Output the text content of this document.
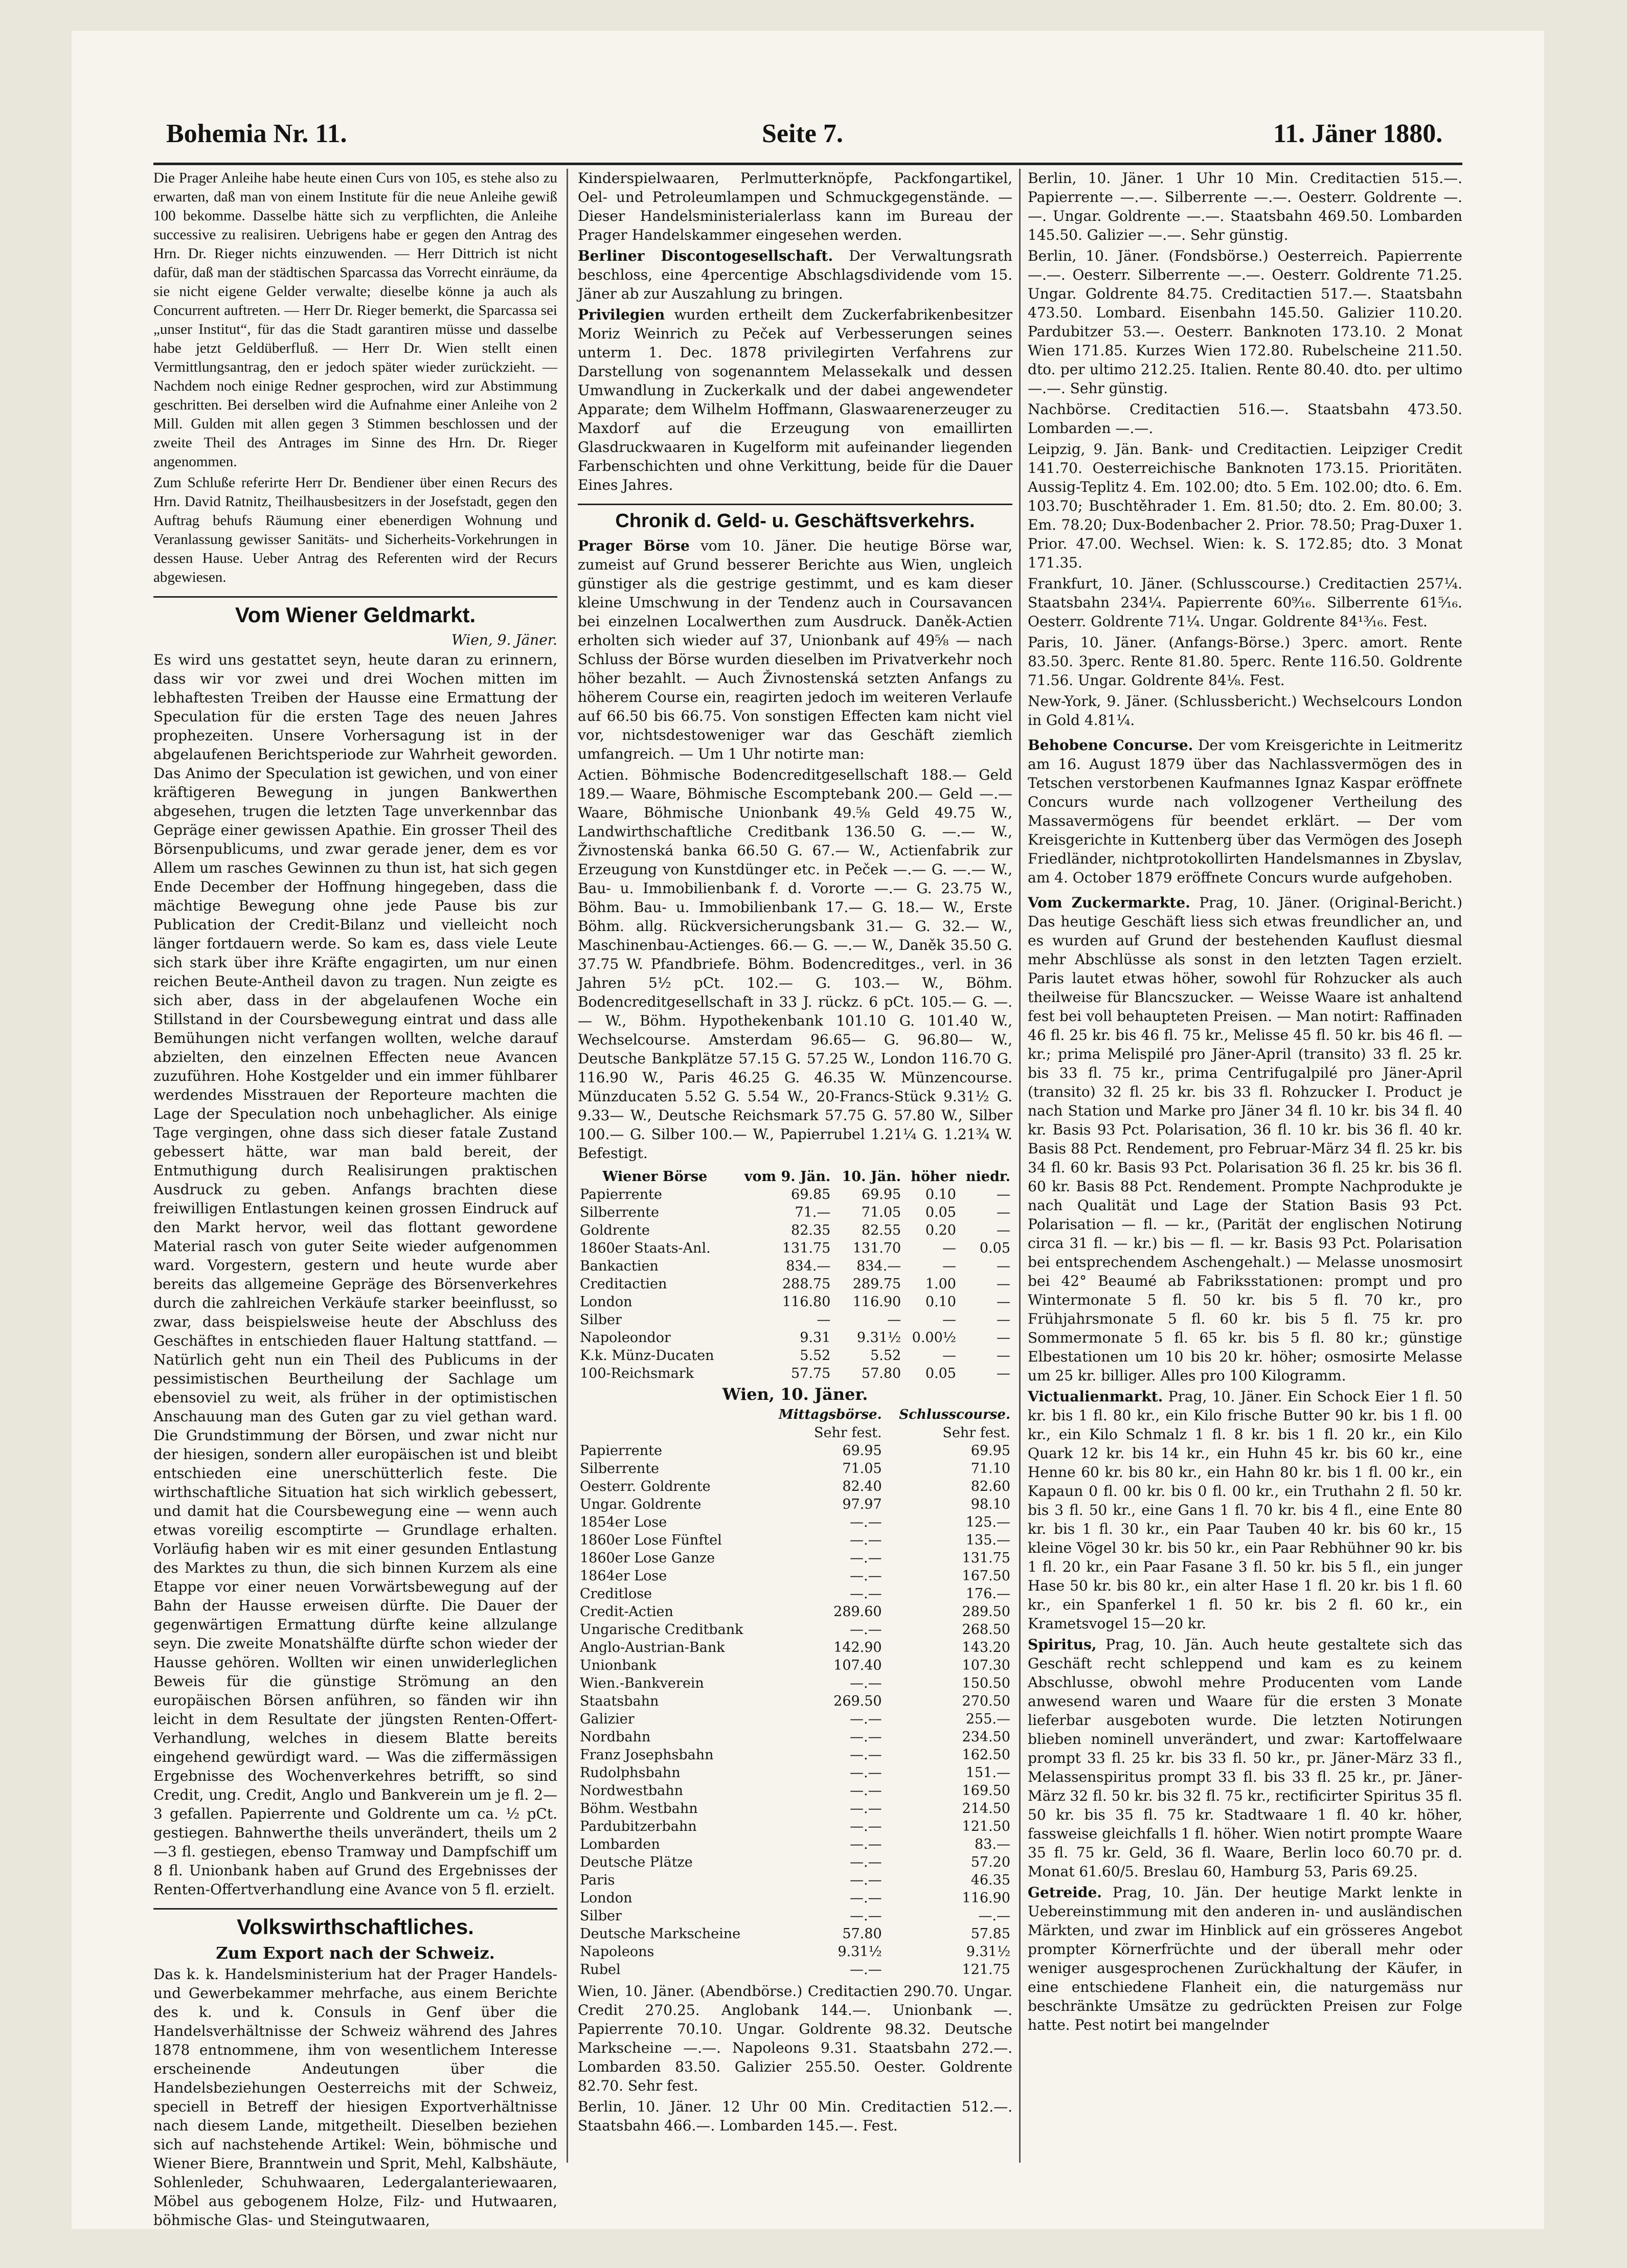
Bohemia Nr. 11.	Seite 7.	11. Jäner 1880.

Die Prager Anleihe habe heute einen Curs von 105, es stehe also zu erwarten, daß man von einem Institute für die neue Anleihe gewiß 100 bekomme. Dasselbe hätte sich zu verpflichten, die Anleihe successive zu realisiren. Uebrigens habe er gegen den Antrag des Hrn. Dr. Rieger nichts einzuwenden. — Herr Dittrich ist nicht dafür, daß man der städtischen Sparcassa das Vorrecht einräume, da sie nicht eigene Gelder verwalte; dieselbe könne ja auch als Concurrent auftreten. — Herr Dr. Rieger bemerkt, die Sparcassa sei „unser Institut“, für das die Stadt garantiren müsse und dasselbe habe jetzt Geldüberfluß. — Herr Dr. Wien stellt einen Vermittlungsantrag, den er jedoch später wieder zurückzieht. — Nachdem noch einige Redner gesprochen, wird zur Abstimmung geschritten. Bei derselben wird die Aufnahme einer Anleihe von 2 Mill. Gulden mit allen gegen 3 Stimmen beschlossen und der zweite Theil des Antrages im Sinne des Hrn. Dr. Rieger angenommen.

Zum Schluße referirte Herr Dr. Bendiener über einen Recurs des Hrn. David Ratnitz, Theilhausbesitzers in der Josefstadt, gegen den Auftrag behufs Räumung einer ebenerdigen Wohnung und Veranlassung gewisser Sanitäts- und Sicherheits-Vorkehrungen in dessen Hause. Ueber Antrag des Referenten wird der Recurs abgewiesen.

Vom Wiener Geldmarkt.
Wien, 9. Jäner.

Es wird uns gestattet seyn, heute daran zu erinnern, dass wir vor zwei und drei Wochen mitten im lebhaftesten Treiben der Hausse eine Ermattung der Speculation für die ersten Tage des neuen Jahres prophezeiten. Unsere Vorhersagung ist in der abgelaufenen Berichtsperiode zur Wahrheit geworden. Das Animo der Speculation ist gewichen, und von einer kräftigeren Bewegung in jungen Bankwerthen abgesehen, trugen die letzten Tage unverkennbar das Gepräge einer gewissen Apathie. Ein grosser Theil des Börsenpublicums, und zwar gerade jener, dem es vor Allem um rasches Gewinnen zu thun ist, hat sich gegen Ende December der Hoffnung hingegeben, dass die mächtige Bewegung ohne jede Pause bis zur Publication der Credit-Bilanz und vielleicht noch länger fortdauern werde. So kam es, dass viele Leute sich stark über ihre Kräfte engagirten, um nur einen reichen Beute-Antheil davon zu tragen. Nun zeigte es sich aber, dass in der abgelaufenen Woche ein Stillstand in der Coursbewegung eintrat und dass alle Bemühungen nicht verfangen wollten, welche darauf abzielten, den einzelnen Effecten neue Avancen zuzuführen. Hohe Kostgelder und ein immer fühlbarer werdendes Misstrauen der Reporteure machten die Lage der Speculation noch unbehaglicher. Als einige Tage vergingen, ohne dass sich dieser fatale Zustand gebessert hätte, war man bald bereit, der Entmuthigung durch Realisirungen praktischen Ausdruck zu geben. Anfangs brachten diese freiwilligen Entlastungen keinen grossen Eindruck auf den Markt hervor, weil das flottant gewordene Material rasch von guter Seite wieder aufgenommen ward. Vorgestern, gestern und heute wurde aber bereits das allgemeine Gepräge des Börsenverkehres durch die zahlreichen Verkäufe starker beeinflusst, so zwar, dass beispielsweise heute der Abschluss des Geschäftes in entschieden flauer Haltung stattfand. — Natürlich geht nun ein Theil des Publicums in der pessimistischen Beurtheilung der Sachlage um ebensoviel zu weit, als früher in der optimistischen Anschauung man des Guten gar zu viel gethan ward. Die Grundstimmung der Börsen, und zwar nicht nur der hiesigen, sondern aller europäischen ist und bleibt entschieden eine unerschütterlich feste. Die wirthschaftliche Situation hat sich wirklich gebessert, und damit hat die Coursbewegung eine — wenn auch etwas voreilig escomptirte — Grundlage erhalten. Vorläufig haben wir es mit einer gesunden Entlastung des Marktes zu thun, die sich binnen Kurzem als eine Etappe vor einer neuen Vorwärtsbewegung auf der Bahn der Hausse erweisen dürfte. Die Dauer der gegenwärtigen Ermattung dürfte keine allzulange seyn. Die zweite Monatshälfte dürfte schon wieder der Hausse gehören. Wollten wir einen unwiderleglichen Beweis für die günstige Strömung an den europäischen Börsen anführen, so fänden wir ihn leicht in dem Resultate der jüngsten Renten-Offert-Verhandlung, welches in diesem Blatte bereits eingehend gewürdigt ward. — Was die ziffermässigen Ergebnisse des Wochenverkehres betrifft, so sind Credit, ung. Credit, Anglo und Bankverein um je fl. 2—3 gefallen. Papierrente und Goldrente um ca. ½ pCt. gestiegen. Bahnwerthe theils unverändert, theils um 2—3 fl. gestiegen, ebenso Tramway und Dampfschiff um 8 fl. Unionbank haben auf Grund des Ergebnisses der Renten-Offertverhandlung eine Avance von 5 fl. erzielt.

Volkswirthschaftliches.
Zum Export nach der Schweiz.

Das k. k. Handelsministerium hat der Prager Handels- und Gewerbekammer mehrfache, aus einem Berichte des k. und k. Consuls in Genf über die Handelsverhältnisse der Schweiz während des Jahres 1878 entnommene, ihm von wesentlichem Interesse erscheinende Andeutungen über die Handelsbeziehungen Oesterreichs mit der Schweiz, speciell in Betreff der hiesigen Exportverhältnisse nach diesem Lande, mitgetheilt. Dieselben beziehen sich auf nachstehende Artikel: Wein, böhmische und Wiener Biere, Branntwein und Sprit, Mehl, Kalbshäute, Sohlenleder, Schuhwaaren, Ledergalanteriewaaren, Möbel aus gebogenem Holze, Filz- und Hutwaaren, böhmische Glas- und Steingutwaaren,

Kinderspielwaaren, Perlmutterknöpfe, Packfongartikel, Oel- und Petroleumlampen und Schmuckgegenstände. — Dieser Handelsministerialerlass kann im Bureau der Prager Handelskammer eingesehen werden.

Berliner Discontogesellschaft. Der Verwaltungsrath beschloss, eine 4percentige Abschlagsdividende vom 15. Jäner ab zur Auszahlung zu bringen.

Privilegien wurden ertheilt dem Zuckerfabrikenbesitzer Moriz Weinrich zu Peček auf Verbesserungen seines unterm 1. Dec. 1878 privilegirten Verfahrens zur Darstellung von sogenanntem Melassekalk und dessen Umwandlung in Zuckerkalk und der dabei angewendeter Apparate; dem Wilhelm Hoffmann, Glaswaarenerzeuger zu Maxdorf auf die Erzeugung von emaillirten Glasdruckwaaren in Kugelform mit aufeinander liegenden Farbenschichten und ohne Verkittung, beide für die Dauer Eines Jahres.

Chronik d. Geld- u. Geschäftsverkehrs.

Prager Börse vom 10. Jäner. Die heutige Börse war, zumeist auf Grund besserer Berichte aus Wien, ungleich günstiger als die gestrige gestimmt, und es kam dieser kleine Umschwung in der Tendenz auch in Coursavancen bei einzelnen Localwerthen zum Ausdruck. Daněk-Actien erholten sich wieder auf 37, Unionbank auf 49⅝ — nach Schluss der Börse wurden dieselben im Privatverkehr noch höher bezahlt. — Auch Živnostenská setzten Anfangs zu höherem Course ein, reagirten jedoch im weiteren Verlaufe auf 66.50 bis 66.75. Von sonstigen Effecten kam nicht viel vor, nichtsdestoweniger war das Geschäft ziemlich umfangreich. — Um 1 Uhr notirte man:

Actien. Böhmische Bodencreditgesellschaft 188.— Geld 189.— Waare, Böhmische Escomptebank 200.— Geld —.— Waare, Böhmische Unionbank 49.⅝ Geld 49.75 W., Landwirthschaftliche Creditbank 136.50 G. —.— W., Živnostenská banka 66.50 G. 67.— W., Actienfabrik zur Erzeugung von Kunstdünger etc. in Peček —.— G. —.— W., Bau- u. Immobilienbank f. d. Vororte —.— G. 23.75 W., Böhm. Bau- u. Immobilienbank 17.— G. 18.— W., Erste Böhm. allg. Rückversicherungsbank 31.— G. 32.— W., Maschinenbau-Actienges. 66.— G. —.— W., Daněk 35.50 G. 37.75 W. Pfandbriefe. Böhm. Bodencreditges., verl. in 36 Jahren 5½ pCt. 102.— G. 103.— W., Böhm. Bodencreditgesellschaft in 33 J. rückz. 6 pCt. 105.— G. —.— W., Böhm. Hypothekenbank 101.10 G. 101.40 W., Wechselcourse. Amsterdam 96.65— G. 96.80— W., Deutsche Bankplätze 57.15 G. 57.25 W., London 116.70 G. 116.90 W., Paris 46.25 G. 46.35 W. Münzencourse. Münzducaten 5.52 G. 5.54 W., 20-Francs-Stück 9.31½ G. 9.33— W., Deutsche Reichsmark 57.75 G. 57.80 W., Silber 100.— G. Silber 100.— W., Papierrubel 1.21¼ G. 1.21¾ W. Befestigt.

Wiener Börse	vom 9. Jän.	10. Jän.	höher	niedr.
Papierrente	69.85	69.95	0.10	—
Silberrente	71.—	71.05	0.05	—
Goldrente	82.35	82.55	0.20	—
1860er Staats-Anl.	131.75	131.70	—	0.05
Bankactien	834.—	834.—	—	—
Creditactien	288.75	289.75	1.00	—
London	116.80	116.90	0.10	—
Silber	—	—	—	—
Napoleondor	9.31	9.31½	0.00½	—
K.k. Münz-Ducaten	5.52	5.52	—	—
100-Reichsmark	57.75	57.80	0.05	—
Wien, 10. Jäner.
	Mittagsbörse.	Schlusscourse.
	Sehr fest.	Sehr fest.
Papierrente	69.95	69.95
Silberrente	71.05	71.10
Oesterr. Goldrente	82.40	82.60
Ungar. Goldrente	97.97	98.10
1854er Lose	—.—	125.—
1860er Lose Fünftel	—.—	135.—
1860er Lose Ganze	—.—	131.75
1864er Lose	—.—	167.50
Creditlose	—.—	176.—
Credit-Actien	289.60	289.50
Ungarische Creditbank	—.—	268.50
Anglo-Austrian-Bank	142.90	143.20
Unionbank	107.40	107.30
Wien.-Bankverein	—.—	150.50
Staatsbahn	269.50	270.50
Galizier	—.—	255.—
Nordbahn	—.—	234.50
Franz Josephsbahn	—.—	162.50
Rudolphsbahn	—.—	151.—
Nordwestbahn	—.—	169.50
Böhm. Westbahn	—.—	214.50
Pardubitzerbahn	—.—	121.50
Lombarden	—.—	83.—
Deutsche Plätze	—.—	57.20
Paris	—.—	46.35
London	—.—	116.90
Silber	—.—	—.—
Deutsche Markscheine	57.80	57.85
Napoleons	9.31½	9.31½
Rubel	—.—	121.75

Wien, 10. Jäner. (Abendbörse.) Creditactien 290.70. Ungar. Credit 270.25. Anglobank 144.—. Unionbank —. Papierrente 70.10. Ungar. Goldrente 98.32. Deutsche Markscheine —.—. Napoleons 9.31. Staatsbahn 272.—. Lombarden 83.50. Galizier 255.50. Oester. Goldrente 82.70. Sehr fest.

Berlin, 10. Jäner. 12 Uhr 00 Min. Creditactien 512.—. Staatsbahn 466.—. Lombarden 145.—. Fest.

Berlin, 10. Jäner. 1 Uhr 10 Min. Creditactien 515.—. Papierrente —.—. Silberrente —.—. Oesterr. Goldrente —.—. Ungar. Goldrente —.—. Staatsbahn 469.50. Lombarden 145.50. Galizier —.—. Sehr günstig.

Berlin, 10. Jäner. (Fondsbörse.) Oesterreich. Papierrente —.—. Oesterr. Silberrente —.—. Oesterr. Goldrente 71.25. Ungar. Goldrente 84.75. Creditactien 517.—. Staatsbahn 473.50. Lombard. Eisenbahn 145.50. Galizier 110.20. Pardubitzer 53.—. Oesterr. Banknoten 173.10. 2 Monat Wien 171.85. Kurzes Wien 172.80. Rubelscheine 211.50. dto. per ultimo 212.25. Italien. Rente 80.40. dto. per ultimo —.—. Sehr günstig.

Nachbörse. Creditactien 516.—. Staatsbahn 473.50. Lombarden —.—.

Leipzig, 9. Jän. Bank- und Creditactien. Leipziger Credit 141.70. Oesterreichische Banknoten 173.15. Prioritäten. Aussig-Teplitz 4. Em. 102.00; dto. 5 Em. 102.00; dto. 6. Em. 103.70; Buschtěhrader 1. Em. 81.50; dto. 2. Em. 80.00; 3. Em. 78.20; Dux-Bodenbacher 2. Prior. 78.50; Prag-Duxer 1. Prior. 47.00. Wechsel. Wien: k. S. 172.85; dto. 3 Monat 171.35.

Frankfurt, 10. Jäner. (Schlusscourse.) Creditactien 257¼. Staatsbahn 234¼. Papierrente 60⁹⁄₁₆. Silberrente 61⁵⁄₁₆. Oesterr. Goldrente 71¼. Ungar. Goldrente 84¹³⁄₁₆. Fest.

Paris, 10. Jäner. (Anfangs-Börse.) 3perc. amort. Rente 83.50. 3perc. Rente 81.80. 5perc. Rente 116.50. Goldrente 71.56. Ungar. Goldrente 84⅛. Fest.

New-York, 9. Jäner. (Schlussbericht.) Wechselcours London in Gold 4.81¼.

Behobene Concurse. Der vom Kreisgerichte in Leitmeritz am 16. August 1879 über das Nachlassvermögen des in Tetschen verstorbenen Kaufmannes Ignaz Kaspar eröffnete Concurs wurde nach vollzogener Vertheilung des Massavermögens für beendet erklärt. — Der vom Kreisgerichte in Kuttenberg über das Vermögen des Joseph Friedländer, nichtprotokollirten Handelsmannes in Zbyslav, am 4. October 1879 eröffnete Concurs wurde aufgehoben.

Vom Zuckermarkte. Prag, 10. Jäner. (Original-Bericht.) Das heutige Geschäft liess sich etwas freundlicher an, und es wurden auf Grund der bestehenden Kauflust diesmal mehr Abschlüsse als sonst in den letzten Tagen erzielt. Paris lautet etwas höher, sowohl für Rohzucker als auch theilweise für Blancszucker. — Weisse Waare ist anhaltend fest bei voll behaupteten Preisen. — Man notirt: Raffinaden 46 fl. 25 kr. bis 46 fl. 75 kr., Melisse 45 fl. 50 kr. bis 46 fl. — kr.; prima Melispilé pro Jäner-April (transito) 33 fl. 25 kr. bis 33 fl. 75 kr., prima Centrifugalpilé pro Jäner-April (transito) 32 fl. 25 kr. bis 33 fl. Rohzucker I. Product je nach Station und Marke pro Jäner 34 fl. 10 kr. bis 34 fl. 40 kr. Basis 93 Pct. Polarisation, 36 fl. 10 kr. bis 36 fl. 40 kr. Basis 88 Pct. Rendement, pro Februar-März 34 fl. 25 kr. bis 34 fl. 60 kr. Basis 93 Pct. Polarisation 36 fl. 25 kr. bis 36 fl. 60 kr. Basis 88 Pct. Rendement. Prompte Nachprodukte je nach Qualität und Lage der Station Basis 93 Pct. Polarisation — fl. — kr., (Parität der englischen Notirung circa 31 fl. — kr.) bis — fl. — kr. Basis 93 Pct. Polarisation bei entsprechendem Aschengehalt.) — Melasse unosmosirt bei 42° Beaumé ab Fabriksstationen: prompt und pro Wintermonate 5 fl. 50 kr. bis 5 fl. 70 kr., pro Frühjahrsmonate 5 fl. 60 kr. bis 5 fl. 75 kr. pro Sommermonate 5 fl. 65 kr. bis 5 fl. 80 kr.; günstige Elbestationen um 10 bis 20 kr. höher; osmosirte Melasse um 25 kr. billiger. Alles pro 100 Kilogramm.

Victualienmarkt. Prag, 10. Jäner. Ein Schock Eier 1 fl. 50 kr. bis 1 fl. 80 kr., ein Kilo frische Butter 90 kr. bis 1 fl. 00 kr., ein Kilo Schmalz 1 fl. 8 kr. bis 1 fl. 20 kr., ein Kilo Quark 12 kr. bis 14 kr., ein Huhn 45 kr. bis 60 kr., eine Henne 60 kr. bis 80 kr., ein Hahn 80 kr. bis 1 fl. 00 kr., ein Kapaun 0 fl. 00 kr. bis 0 fl. 00 kr., ein Truthahn 2 fl. 50 kr. bis 3 fl. 50 kr., eine Gans 1 fl. 70 kr. bis 4 fl., eine Ente 80 kr. bis 1 fl. 30 kr., ein Paar Tauben 40 kr. bis 60 kr., 15 kleine Vögel 30 kr. bis 50 kr., ein Paar Rebhühner 90 kr. bis 1 fl. 20 kr., ein Paar Fasane 3 fl. 50 kr. bis 5 fl., ein junger Hase 50 kr. bis 80 kr., ein alter Hase 1 fl. 20 kr. bis 1 fl. 60 kr., ein Spanferkel 1 fl. 50 kr. bis 2 fl. 60 kr., ein Krametsvogel 15—20 kr.

Spiritus, Prag, 10. Jän. Auch heute gestaltete sich das Geschäft recht schleppend und kam es zu keinem Abschlusse, obwohl mehre Producenten vom Lande anwesend waren und Waare für die ersten 3 Monate lieferbar ausgeboten wurde. Die letzten Notirungen blieben nominell unverändert, und zwar: Kartoffelwaare prompt 33 fl. 25 kr. bis 33 fl. 50 kr., pr. Jäner-März 33 fl., Melassenspiritus prompt 33 fl. bis 33 fl. 25 kr., pr. Jäner-März 32 fl. 50 kr. bis 32 fl. 75 kr., rectificirter Spiritus 35 fl. 50 kr. bis 35 fl. 75 kr. Stadtwaare 1 fl. 40 kr. höher, fassweise gleichfalls 1 fl. höher. Wien notirt prompte Waare 35 fl. 75 kr. Geld, 36 fl. Waare, Berlin loco 60.70 pr. d. Monat 61.60/5. Breslau 60, Hamburg 53, Paris 69.25.

Getreide. Prag, 10. Jän. Der heutige Markt lenkte in Uebereinstimmung mit den anderen in- und ausländischen Märkten, und zwar im Hinblick auf ein grösseres Angebot prompter Körnerfrüchte und der überall mehr oder weniger ausgesprochenen Zurückhaltung der Käufer, in eine entschiedene Flanheit ein, die naturgemäss nur beschränkte Umsätze zu gedrückten Preisen zur Folge hatte. Pest notirt bei mangelnder
